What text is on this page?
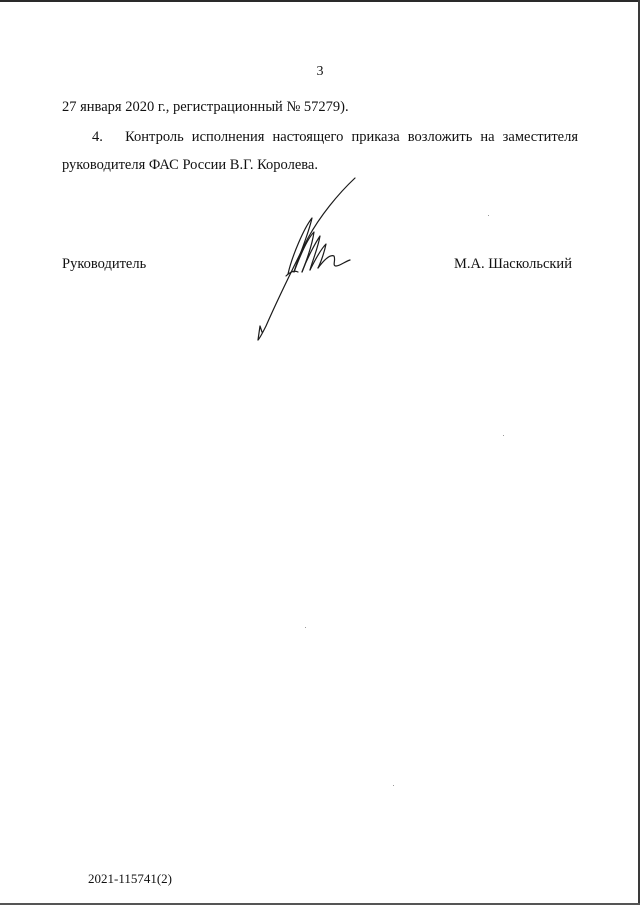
3
27 января 2020 г., регистрационный № 57279).
4. Контроль исполнения настоящего приказа возложить на заместителя руководителя ФАС России В.Г. Королева.
Руководитель	М.А. Шаскольский
2021-115741(2)
